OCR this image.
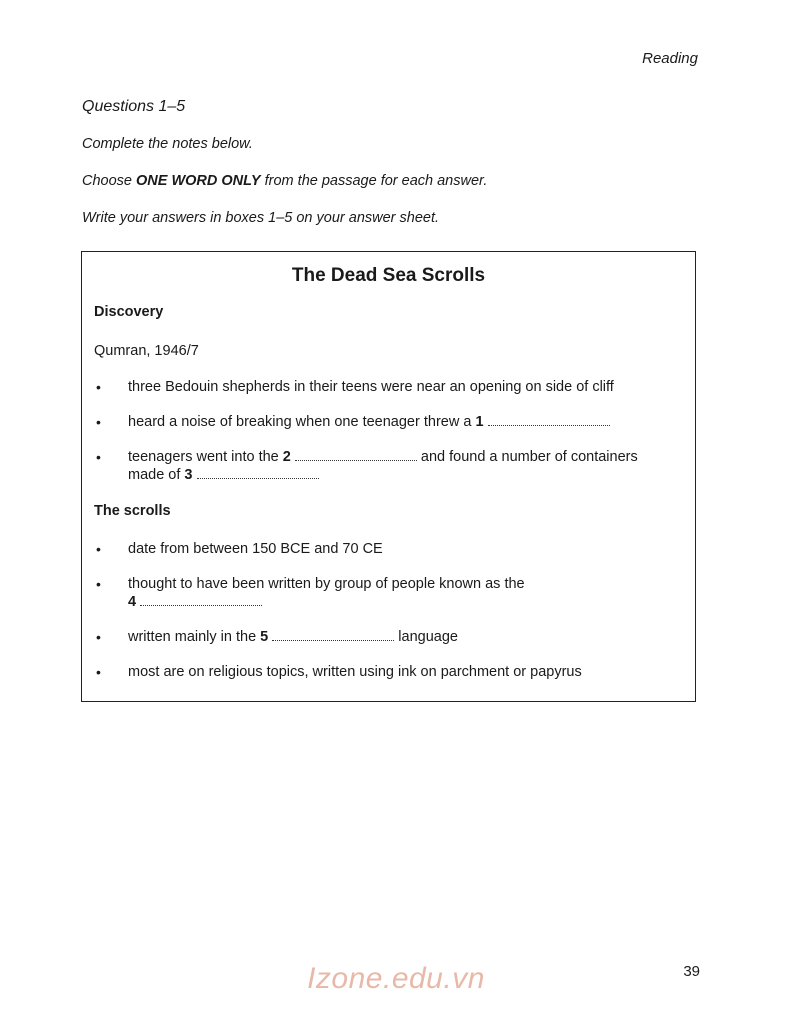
Reading

Questions 1–5

Complete the notes below.

Choose ONE WORD ONLY from the passage for each answer.

Write your answers in boxes 1–5 on your answer sheet.

The Dead Sea Scrolls

Discovery

Qumran, 1946/7

• three Bedouin shepherds in their teens were near an opening on side of cliff
• heard a noise of breaking when one teenager threw a 1
• teenagers went into the 2	and found a number of containers made of 3

The scrolls

• date from between 150 BCE and 70 CE
• thought to have been written by group of people known as the
4
• written mainly in the 5	language
• most are on religious topics, written using ink on parchment or papyrus
39
Izone.edu.vn
